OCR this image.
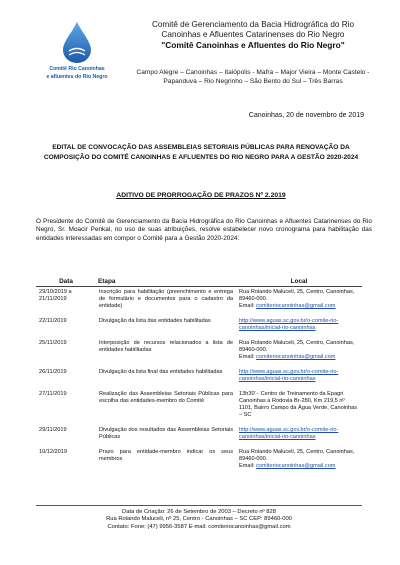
Comitê Rio Canoinhas
e afluentes do Rio Negro
Comitê de Gerenciamento da Bacia Hidrográfica do Rio
Canoinhas e Afluentes Catarinenses do Rio Negro
"Comitê Canoinhas e Afluentes do Rio Negro"
Campo Alegre – Canoinhas – Itaiópolis - Mafra – Major Vieira – Monte Castelo - Papanduva – Rio Negrinho – São Bento do Sul – Três Barras
Canoinhas, 20 de novembro de 2019
EDITAL DE CONVOCAÇÃO DAS ASSEMBLEIAS SETORIAIS PÚBLICAS PARA RENOVAÇÃO DA COMPOSIÇÃO DO COMITÊ CANOINHAS E AFLUENTES DO RIO NEGRO PARA A GESTÃO 2020-2024
ADITIVO DE PRORROGAÇÃO DE PRAZOS Nº 2.2019
O Presidente do Comitê de Gerenciamento da Bacia Hidrográfica do Rio Canoinhas e Afluentes Catarinenses do Rio Negro, Sr. Moacir Penkal, no uso de suas atribuições, resolve estabelecer novo cronograma para habilitação das entidades interessadas em compor o Comitê para a Gestão 2020-2024:
Data	Etapa	Local
29/10/2019 a 21/11/2019	Inscrição para habilitação (preenchimento e entrega de formulário e documentos para o cadastro da entidade)	Rua Rolando Maluceli, 25, Centro, Canoinhas, 89460-000.
Email: comiteriocanoinhas@gmail.com
22/11/2019	Divulgação da lista das entidades habilitadas	http://www.aguas.sc.gov.br/o-comite-rio-canoinhas/inicial-rio-canoinhas
25/11/2019	Interposição de recursos relacionados a lista de entidades habilitadas	Rua Rolando Maluceli, 25, Centro, Canoinhas, 89460-000.
Email: comiteriocanoinhas@gmail.com
26/11/2019	Divulgação da lista final das entidades habilitadas	http://www.aguas.sc.gov.br/o-comite-rio-canoinhas/inicial-rio-canoinhas
27/11/2019	Realização das Assembleias Setoriais Públicas para escolha das entidades-membro do Comitê	13h30' - Centro de Treinamento da Epagri Canoinhas a Rodovia Br-280, Km 219,5 nº 1101, Bairro Campo da Água Verde, Canoinhas – SC
29/11/2019	Divulgação dos resultados das Assembleias Setoriais Públicas	http://www.aguas.sc.gov.br/o-comite-rio-canoinhas/inicial-rio-canoinhas
10/12/2019	Prazo para entidade-membro indicar os seus membros	Rua Rolando Maluceli, 25, Centro, Canoinhas, 89460-000.
Email: comiteriocanoinhas@gmail.com
Data de Criação: 26 de Setembro de 2003 – Decreto nº 828
Rua Rolando Maluceli, nº 25, Centro - Canoinhas – SC CEP: 89460-000
Contato: Fone: (47) 9956-3587 E-mail: comiteriocanoinhas@gmail.com
